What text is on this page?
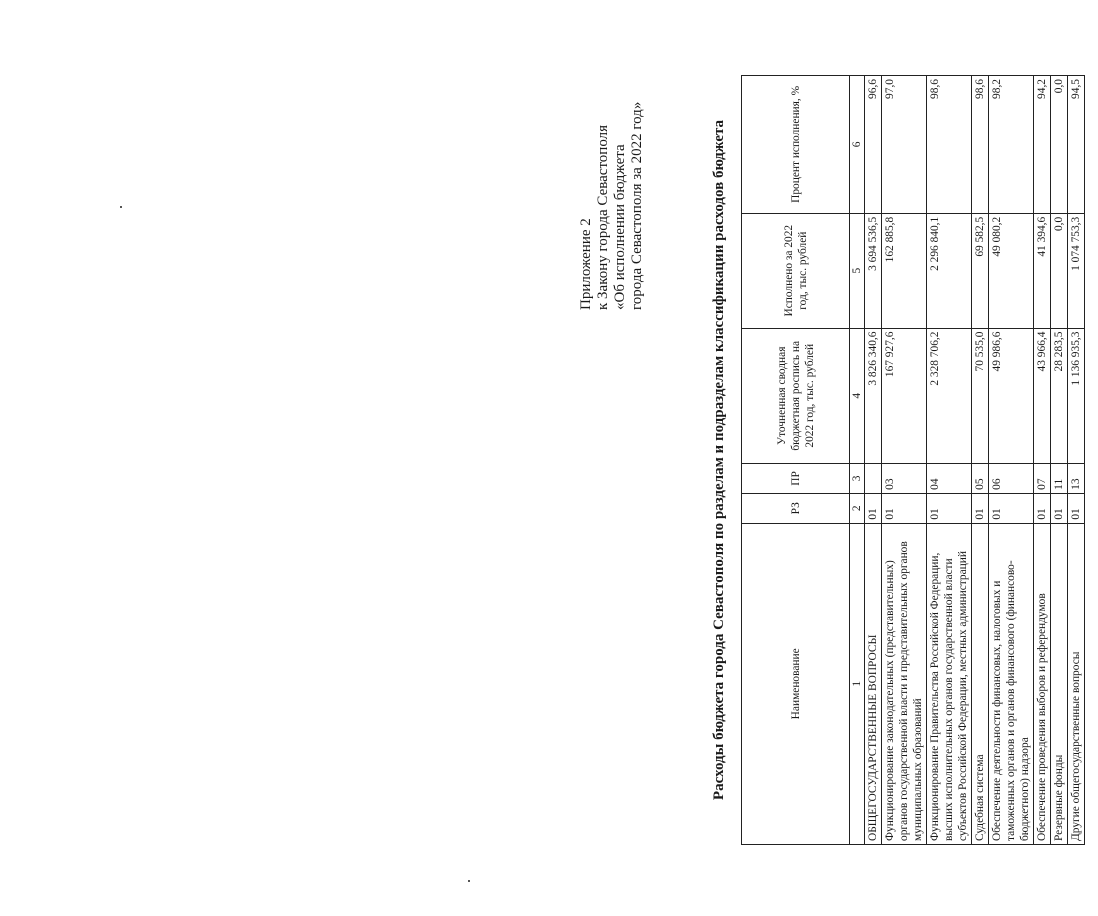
Приложение 2 к Закону города Севастополя «Об исполнении бюджета города Севастополя за 2022 год»	Расходы бюджета города Севастополя по разделам и подразделам классификации расходов бюджета	Наименование	РЗ	ПР	Уточненная сводная бюджетная роспись на 2022 год, тыс. рублей	Исполнено за 2022 год, тыс. рублей	Процент исполнения, %
1	2	3	4	5	6
ОБЩЕГОСУДАРСТВЕННЫЕ ВОПРОСЫ	01		3 826 340,6	3 694 536,5	96,6
Функционирование законодательных (представительных) органов государственной власти и представительных органов муниципальных образований	01	03	167 927,6	162 885,8	97,0
Функционирование Правительства Российской Федерации, высших исполнительных органов государственной власти субъектов Российской Федерации, местных администраций	01	04	2 328 706,2	2 296 840,1	98,6
Судебная система	01	05	70 535,0	69 582,5	98,6
Обеспечение деятельности финансовых, налоговых и таможенных органов и органов финансового (финансово-бюджетного) надзора	01	06	49 986,6	49 080,2	98,2
Обеспечение проведения выборов и референдумов	01	07	43 966,4	41 394,6	94,2
Резервные фонды	01	11	28 283,5	0,0	0,0
Другие общегосударственные вопросы	01	13	1 136 935,3	1 074 753,3	94,5
